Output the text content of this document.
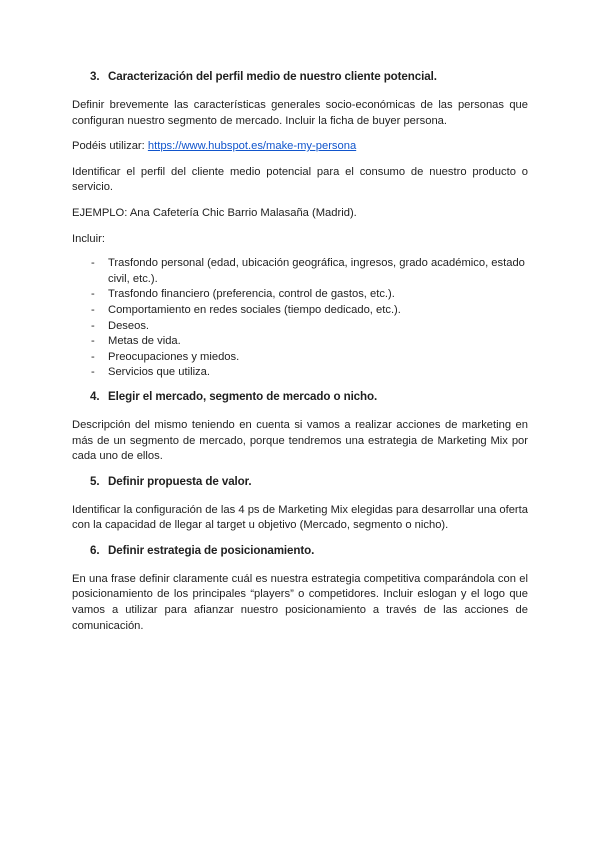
3. Caracterización del perfil medio de nuestro cliente potencial.
Definir brevemente las características generales socio-económicas de las personas que configuran nuestro segmento de mercado. Incluir la ficha de buyer persona.
Podéis utilizar: https://www.hubspot.es/make-my-persona
Identificar el perfil del cliente medio potencial para el consumo de nuestro producto o servicio.
EJEMPLO: Ana Cafetería Chic Barrio Malasaña (Madrid).
Incluir:
- Trasfondo personal (edad, ubicación geográfica, ingresos, grado académico, estado civil, etc.).
- Trasfondo financiero (preferencia, control de gastos, etc.).
- Comportamiento en redes sociales (tiempo dedicado, etc.).
- Deseos.
- Metas de vida.
- Preocupaciones y miedos.
- Servicios que utiliza.
4. Elegir el mercado, segmento de mercado o nicho.
Descripción del mismo teniendo en cuenta si vamos a realizar acciones de marketing en más de un segmento de mercado, porque tendremos una estrategia de Marketing Mix por cada uno de ellos.
5. Definir propuesta de valor.
Identificar la configuración de las 4 ps de Marketing Mix elegidas para desarrollar una oferta con la capacidad de llegar al target u objetivo (Mercado, segmento o nicho).
6. Definir estrategia de posicionamiento.
En una frase definir claramente cuál es nuestra estrategia competitiva comparándola con el posicionamiento de los principales “players” o competidores. Incluir eslogan y el logo que vamos a utilizar para afianzar nuestro posicionamiento a través de las acciones de comunicación.
